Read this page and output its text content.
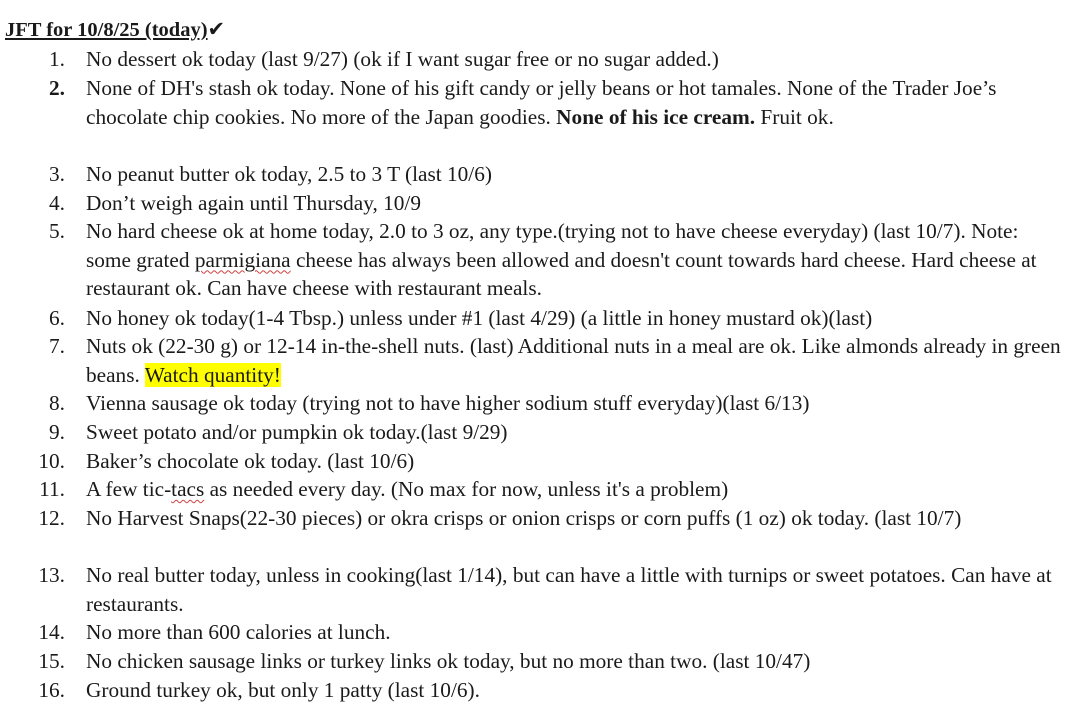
JFT for 10/8/25 (today)✔
1. No dessert ok today (last 9/27) (ok if I want sugar free or no sugar added.)
2. None of DH's stash ok today. None of his gift candy or jelly beans or hot tamales. None of the Trader Joe’s chocolate chip cookies. No more of the Japan goodies. None of his ice cream. Fruit ok.
3. No peanut butter ok today, 2.5 to 3 T (last 10/6)
4. Don’t weigh again until Thursday, 10/9
5. No hard cheese ok at home today, 2.0 to 3 oz, any type.(trying not to have cheese everyday) (last 10/7). Note: some grated parmigiana cheese has always been allowed and doesn't count towards hard cheese. Hard cheese at restaurant ok. Can have cheese with restaurant meals.
6. No honey ok today(1-4 Tbsp.) unless under #1 (last 4/29) (a little in honey mustard ok)(last)
7. Nuts ok (22-30 g) or 12-14 in-the-shell nuts. (last) Additional nuts in a meal are ok. Like almonds already in green beans. Watch quantity!
8. Vienna sausage ok today (trying not to have higher sodium stuff everyday)(last 6/13)
9. Sweet potato and/or pumpkin ok today.(last 9/29)
10. Baker’s chocolate ok today. (last 10/6)
11. A few tic-tacs as needed every day. (No max for now, unless it's a problem)
12. No Harvest Snaps(22-30 pieces) or okra crisps or onion crisps or corn puffs (1 oz) ok today. (last 10/7)
13. No real butter today, unless in cooking(last 1/14), but can have a little with turnips or sweet potatoes. Can have at restaurants.
14. No more than 600 calories at lunch.
15. No chicken sausage links or turkey links ok today, but no more than two. (last 10/47)
16. Ground turkey ok, but only 1 patty (last 10/6).
